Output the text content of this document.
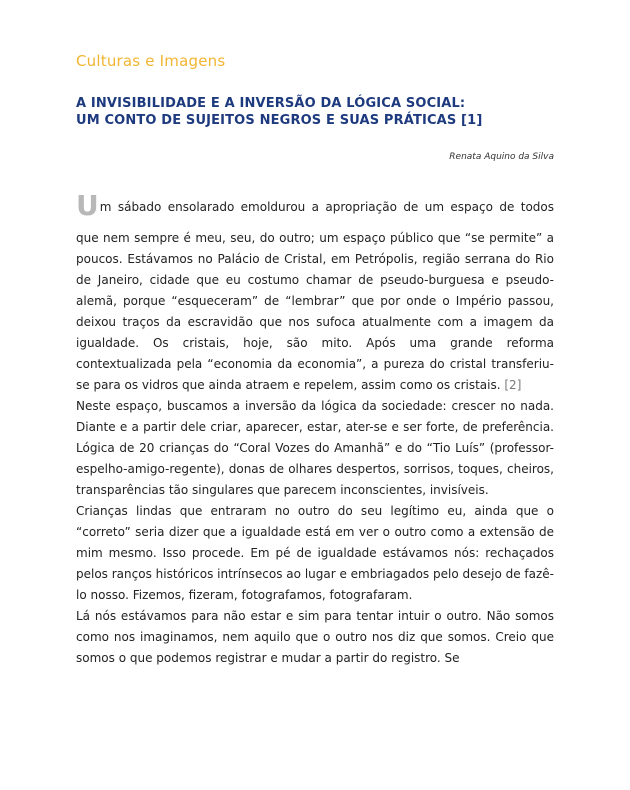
Culturas e Imagens
A INVISIBILIDADE E A INVERSÃO DA LÓGICA SOCIAL:
UM CONTO DE SUJEITOS NEGROS E SUAS PRÁTICAS [1]
Renata Aquino da Silva
U m sábado ensolarado emoldurou a apropriação de um espaço de todos

que nem sempre é meu, seu, do outro; um espaço público que “se permite” a poucos. Estávamos no Palácio de Cristal, em Petrópolis, região serrana do Rio de Janeiro, cidade que eu costumo chamar de pseudo-burguesa e pseudo-alemã, porque “esqueceram” de “lembrar” que por onde o Império passou, deixou traços da escravidão que nos sufoca atualmente com a imagem da igualdade. Os cristais, hoje, são mito. Após uma grande reforma contextualizada pela “economia da economia”, a pureza do cristal transferiu-se para os vidros que ainda atraem e repelem, assim como os cristais. [2]

Neste espaço, buscamos a inversão da lógica da sociedade: crescer no nada. Diante e a partir dele criar, aparecer, estar, ater-se e ser forte, de preferência. Lógica de 20 crianças do “Coral Vozes do Amanhã” e do “Tio Luís” (professor-espelho-amigo-regente), donas de olhares despertos, sorrisos, toques, cheiros, transparências tão singulares que parecem inconscientes, invisíveis.

Crianças lindas que entraram no outro do seu legítimo eu, ainda que o “correto” seria dizer que a igualdade está em ver o outro como a extensão de mim mesmo. Isso procede. Em pé de igualdade estávamos nós: rechaçados pelos ranços históricos intrínsecos ao lugar e embriagados pelo desejo de fazê-lo nosso. Fizemos, fizeram, fotografamos, fotografaram.

Lá nós estávamos para não estar e sim para tentar intuir o outro. Não somos como nos imaginamos, nem aquilo que o outro nos diz que somos. Creio que somos o que podemos registrar e mudar a partir do registro. Se
